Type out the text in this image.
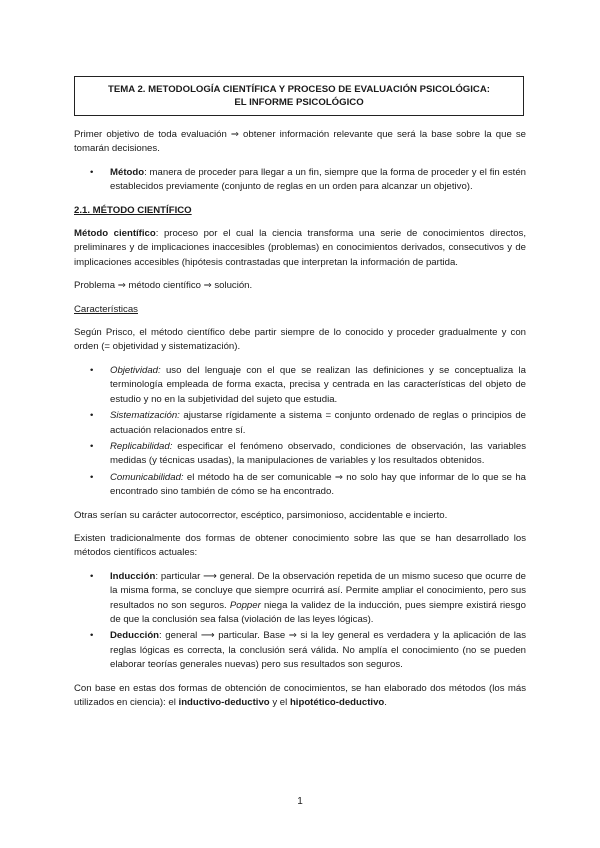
TEMA 2. METODOLOGÍA CIENTÍFICA Y PROCESO DE EVALUACIÓN PSICOLÓGICA:
EL INFORME PSICOLÓGICO

Primer objetivo de toda evaluación ⇒ obtener información relevante que será la base sobre la que se tomarán decisiones.

• Método: manera de proceder para llegar a un fin, siempre que la forma de proceder y el fin estén establecidos previamente (conjunto de reglas en un orden para alcanzar un objetivo).
2.1. MÉTODO CIENTÍFICO

Método científico: proceso por el cual la ciencia transforma una serie de conocimientos directos, preliminares y de implicaciones inaccesibles (problemas) en conocimientos derivados, consecutivos y de implicaciones accesibles (hipótesis contrastadas que interpretan la información de partida.

Problema ⇒ método científico ⇒ solución.

Características

Según Prisco, el método científico debe partir siempre de lo conocido y proceder gradualmente y con orden (= objetividad y sistematización).

• Objetividad: uso del lenguaje con el que se realizan las definiciones y se conceptualiza la terminología empleada de forma exacta, precisa y centrada en las características del objeto de estudio y no en la subjetividad del sujeto que estudia.
• Sistematización: ajustarse rígidamente a sistema = conjunto ordenado de reglas o principios de actuación relacionados entre sí.
• Replicabilidad: especificar el fenómeno observado, condiciones de observación, las variables medidas (y técnicas usadas), la manipulaciones de variables y los resultados obtenidos.
• Comunicabilidad: el método ha de ser comunicable ⇒ no solo hay que informar de lo que se ha encontrado sino también de cómo se ha encontrado.

Otras serían su carácter autocorrector, escéptico, parsimonioso, accidentable e incierto.

Existen tradicionalmente dos formas de obtener conocimiento sobre las que se han desarrollado los métodos científicos actuales:

• Inducción: particular ⟶ general. De la observación repetida de un mismo suceso que ocurre de la misma forma, se concluye que siempre ocurrirá así. Permite ampliar el conocimiento, pero sus resultados no son seguros. Popper niega la validez de la inducción, pues siempre existirá riesgo de que la conclusión sea falsa (violación de las leyes lógicas).
• Deducción: general ⟶ particular. Base ⇒ si la ley general es verdadera y la aplicación de las reglas lógicas es correcta, la conclusión será válida. No amplía el conocimiento (no se pueden elaborar teorías generales nuevas) pero sus resultados son seguros.

Con base en estas dos formas de obtención de conocimientos, se han elaborado dos métodos (los más utilizados en ciencia): el inductivo-deductivo y el hipotético-deductivo.

1
